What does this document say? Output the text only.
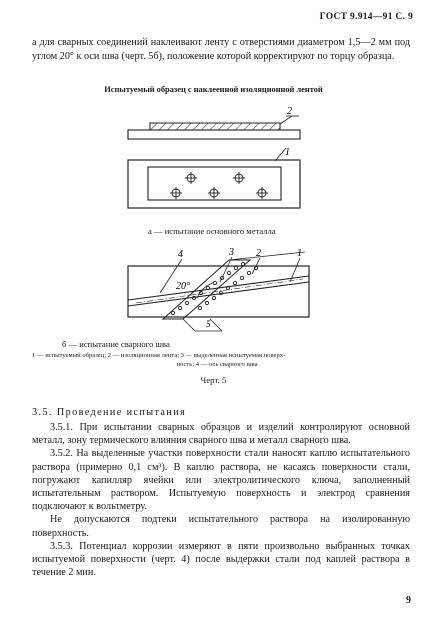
ГОСТ 9.914—91 С. 9

а для сварных соединений наклеивают ленту с отверстиями диаметром 1,5—2 мм под углом 20° к оси шва (черт. 5б), положение которой корректируют по торцу образца.

Испытуемый образец с наклеенной изоляционной лентой
2
1
20°
5
4	3 2	1
а — испытание основного металла
б — испытание сварного шва

1 — испытуемый образец; 2 — изоляционная лента; 3 — выделенная испытуемая поверх-

ность; 4 — ось сварного шва

Черт. 5
3.5. Проведение испытания

3.5.1. При испытании сварных образцов и изделий контролируют основной металл, зону термического влияния сварного шва и металл сварного шва.

3.5.2. На выделенные участки поверхности стали наносят каплю испытательного раствора (примерно 0,1 см³). В каплю раствора, не касаясь поверхности стали, погружают капилляр ячейки или электролитического ключа, заполненный испытательным раствором. Испытуемую поверхность и электрод сравнения подключают к вольтметру.

Не допускаются подтеки испытательного раствора на изолированную поверхность.

3.5.3. Потенциал коррозии измеряют в пяти произвольно выбранных точках испытуемой поверхности (черт. 4) после выдержки стали под каплей раствора в течение 2 мин.

9
